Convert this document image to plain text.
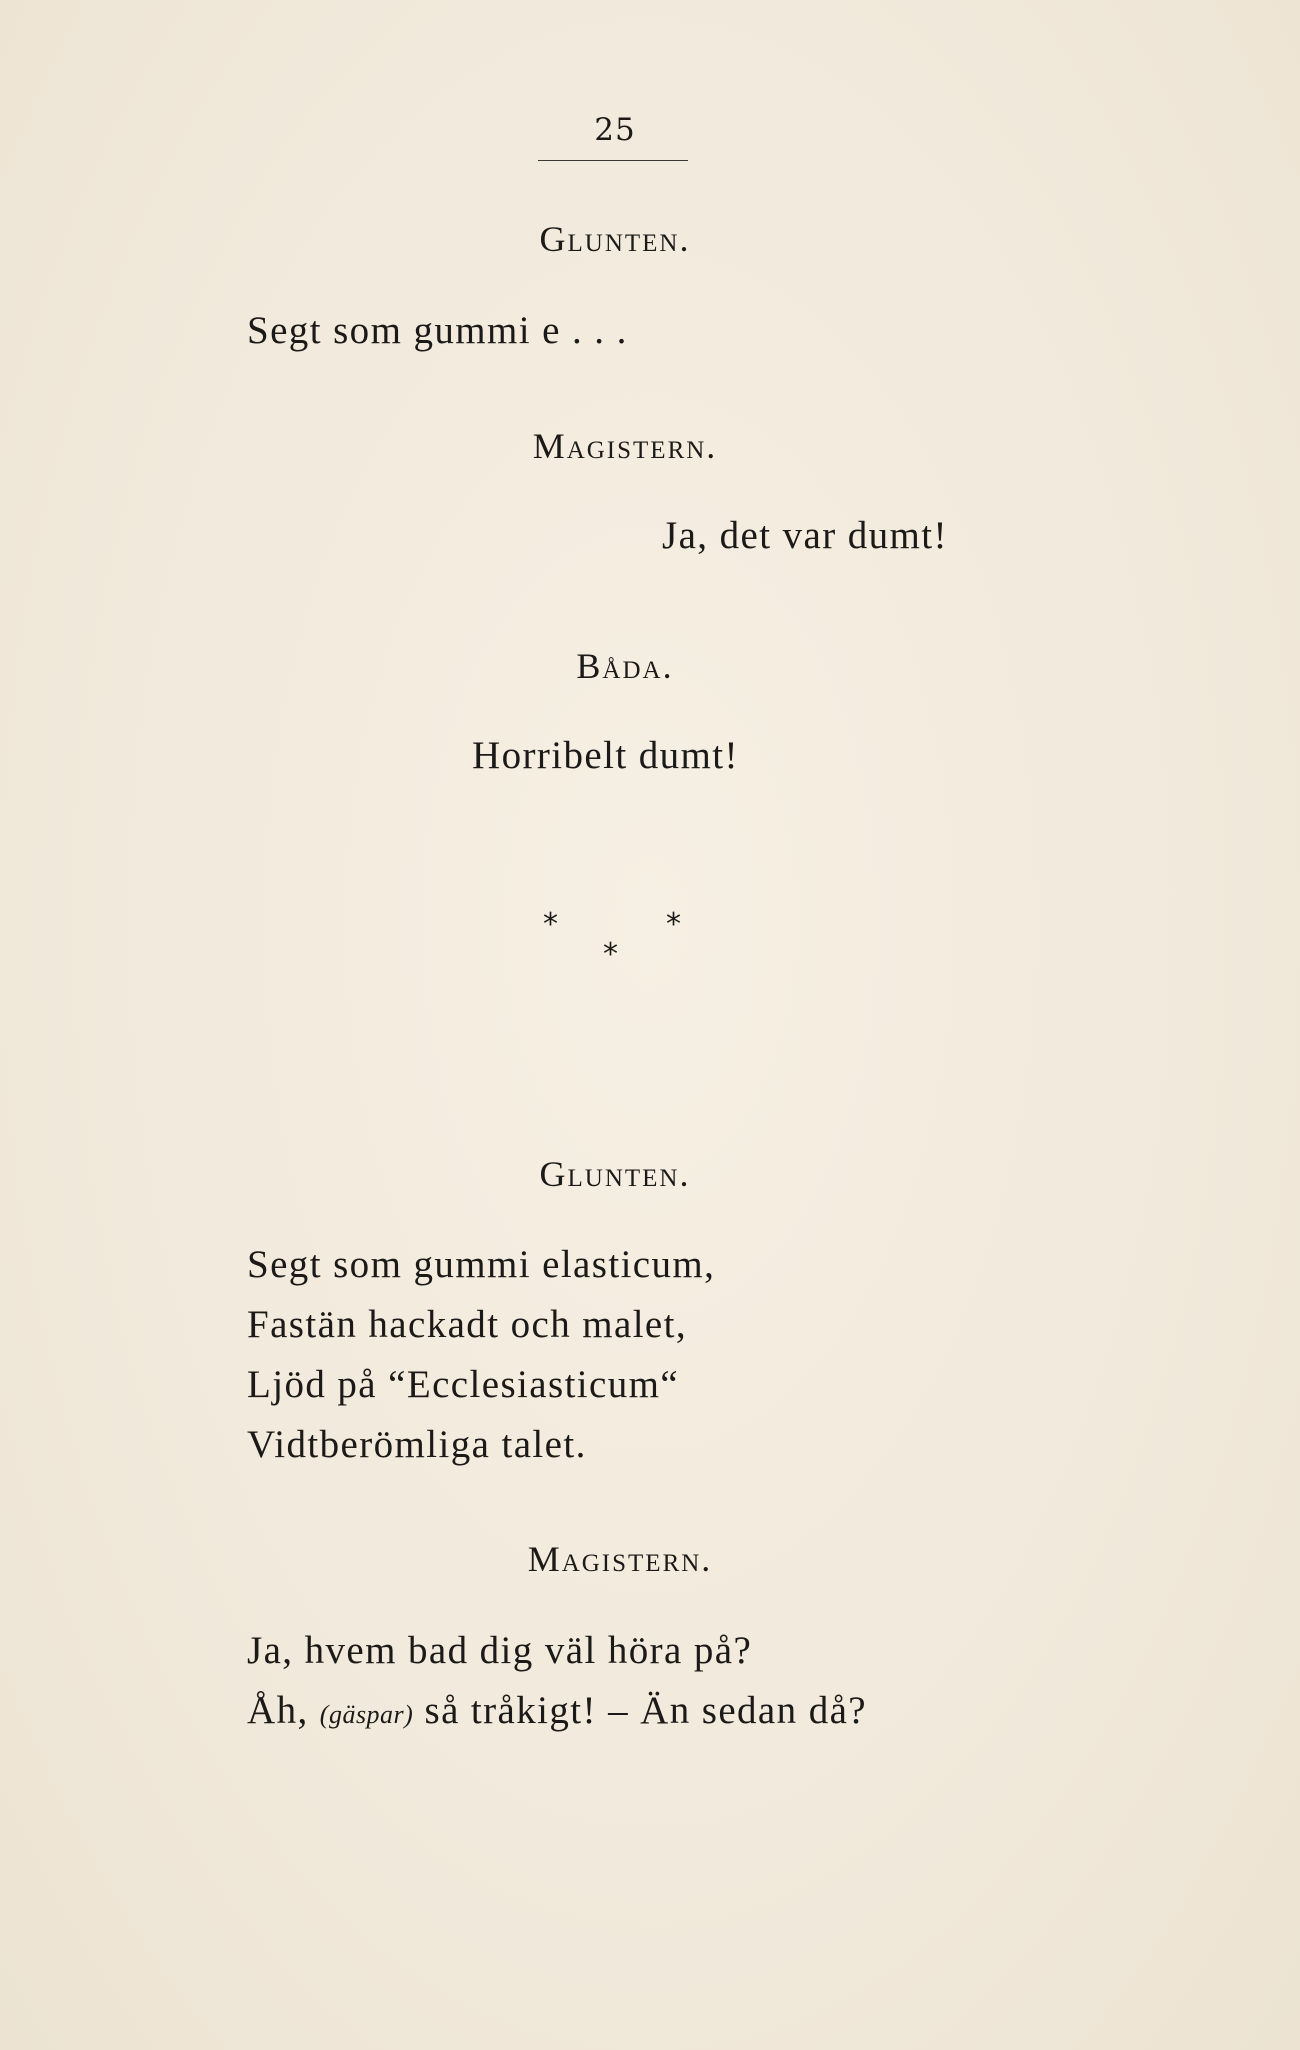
25
Glunten.
Segt som gummi e . . .
Magistern.
Ja, det var dumt!
Båda.
Horribelt dumt!
*	*
*
Glunten.
Segt som gummi elasticum,
Fastän hackadt och malet,
Ljöd på “Ecclesiasticum“
Vidtberömliga talet.
Magistern.
Ja, hvem bad dig väl höra på?
Åh, (gäspar) så tråkigt! – Än sedan då?
